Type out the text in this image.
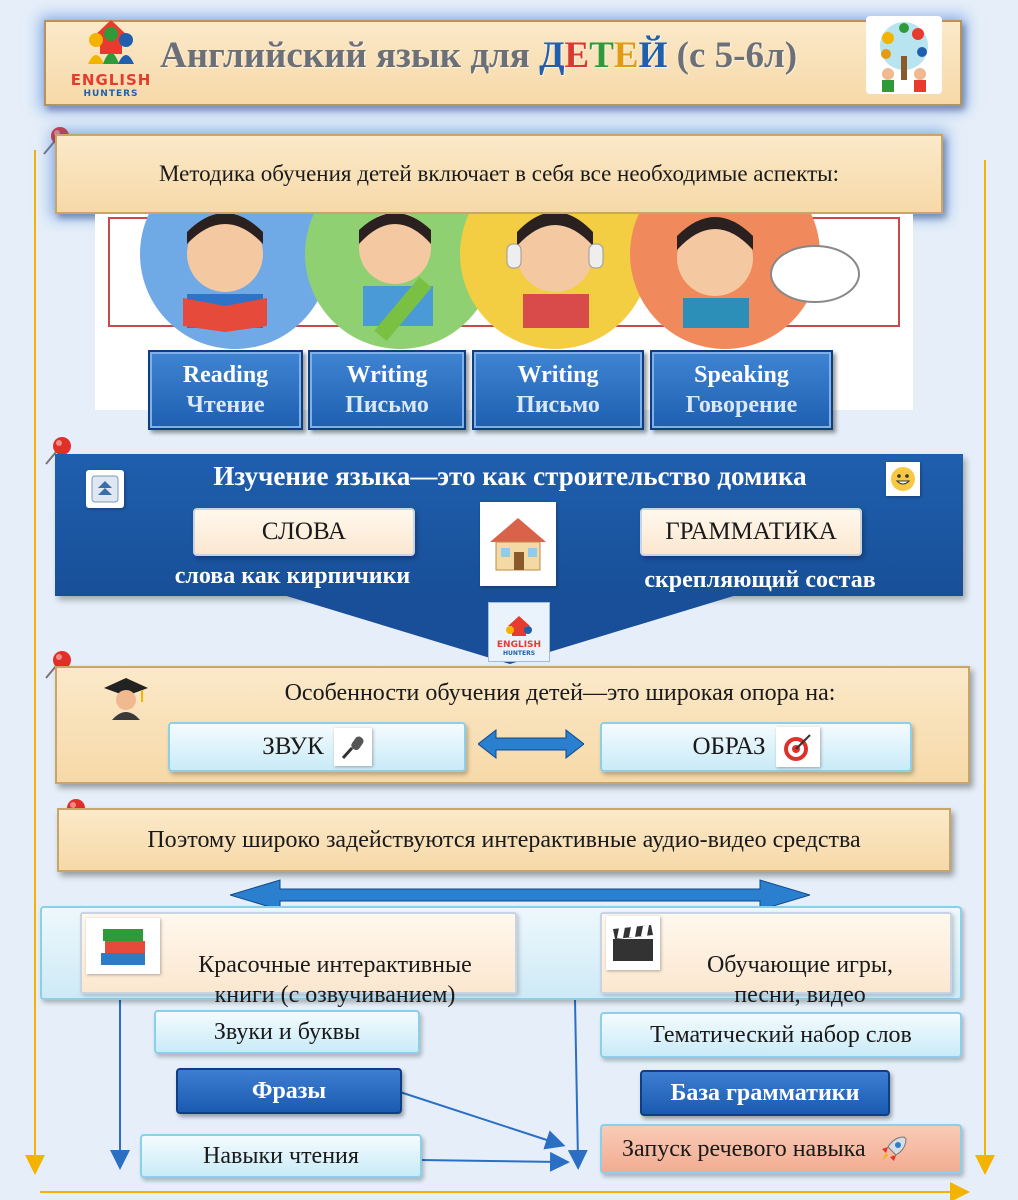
ENGLISH
HUNTERS
Английский язык для ДЕТЕЙ (с 5-6л)
Методика обучения детей включает в себя все необходимые аспекты:
Reading
Чтение
Writing
Письмо
Writing
Письмо
Speaking
Говорение
Изучение языка—это как строительство домика
СЛОВА
слова как кирпичики
ГРАММАТИКА
скрепляющий состав
ENGLISH
HUNTERS
Особенности обучения детей—это широкая опора на:
ЗВУК	ОБРАЗ
Поэтому широко задействуются интерактивные аудио-видео средства

Красочные интерактивные
книги (с озвучиванием)

Обучающие игры,
песни, видео

Звуки и буквы
Фразы
Навыки чтения
Тематический набор слов
База грамматики
Запуск речевого навыка
